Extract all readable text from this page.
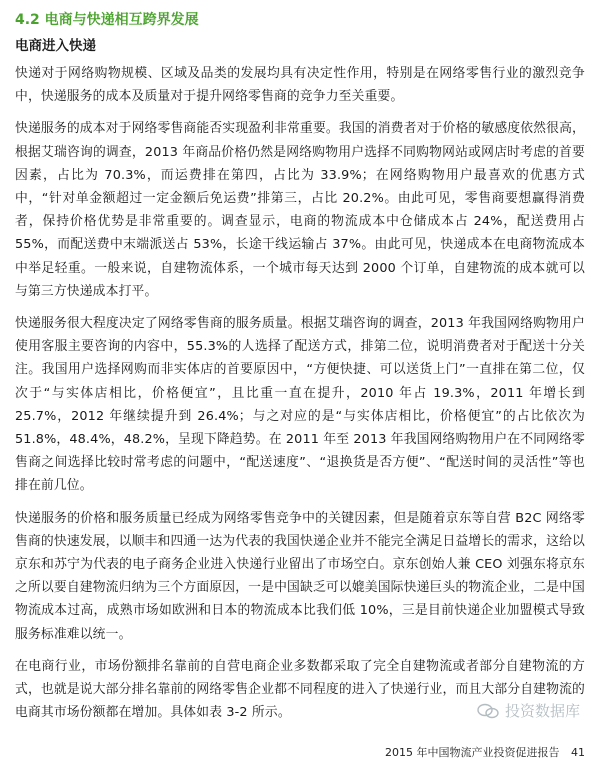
4.2 电商与快递相互跨界发展
电商进入快递

快递对于网络购物规模、区域及品类的发展均具有决定性作用，特别是在网络零售行业的激烈竞争中，快递服务的成本及质量对于提升网络零售商的竞争力至关重要。

快递服务的成本对于网络零售商能否实现盈利非常重要。我国的消费者对于价格的敏感度依然很高，根据艾瑞咨询的调查，2013 年商品价格仍然是网络购物用户选择不同购物网站或网店时考虑的首要因素，占比为 70.3%，而运费排在第四，占比为 33.9%；在网络购物用户最喜欢的优惠方式中，“针对单金额超过一定金额后免运费”排第三，占比 20.2%。由此可见，零售商要想赢得消费者，保持价格优势是非常重要的。调查显示，电商的物流成本中仓储成本占 24%，配送费用占 55%，而配送费中末端派送占 53%，长途干线运输占 37%。由此可见，快递成本在电商物流成本中举足轻重。一般来说，自建物流体系，一个城市每天达到 2000 个订单，自建物流的成本就可以与第三方快递成本打平。

快递服务很大程度决定了网络零售商的服务质量。根据艾瑞咨询的调查，2013 年我国网络购物用户使用客服主要咨询的内容中，55.3%的人选择了配送方式，排第二位，说明消费者对于配送十分关注。我国用户选择网购而非实体店的首要原因中，“方便快捷、可以送货上门”一直排在第二位，仅次于“与实体店相比，价格便宜”，且比重一直在提升，2010 年占 19.3%，2011 年增长到 25.7%，2012 年继续提升到 26.4%；与之对应的是“与实体店相比，价格便宜”的占比依次为 51.8%，48.4%，48.2%，呈现下降趋势。在 2011 年至 2013 年我国网络购物用户在不同网络零售商之间选择比较时常考虑的问题中，“配送速度”、“退换货是否方便”、“配送时间的灵活性”等也排在前几位。

快递服务的价格和服务质量已经成为网络零售竞争中的关键因素，但是随着京东等自营 B2C 网络零售商的快速发展，以顺丰和四通一达为代表的我国快递企业并不能完全满足日益增长的需求，这给以京东和苏宁为代表的电子商务企业进入快递行业留出了市场空白。京东创始人兼 CEO 刘强东将京东之所以要自建物流归纳为三个方面原因，一是中国缺乏可以媲美国际快递巨头的物流企业，二是中国物流成本过高，成熟市场如欧洲和日本的物流成本比我们低 10%，三是目前快递企业加盟模式导致服务标准难以统一。

在电商行业，市场份额排名靠前的自营电商企业多数都采取了完全自建物流或者部分自建物流的方式，也就是说大部分排名靠前的网络零售企业都不同程度的进入了快递行业，而且大部分自建物流的电商其市场份额都在增加。具体如表 3-2 所示。	投资数据库
2015 年中国物流产业投资促进报告 41
